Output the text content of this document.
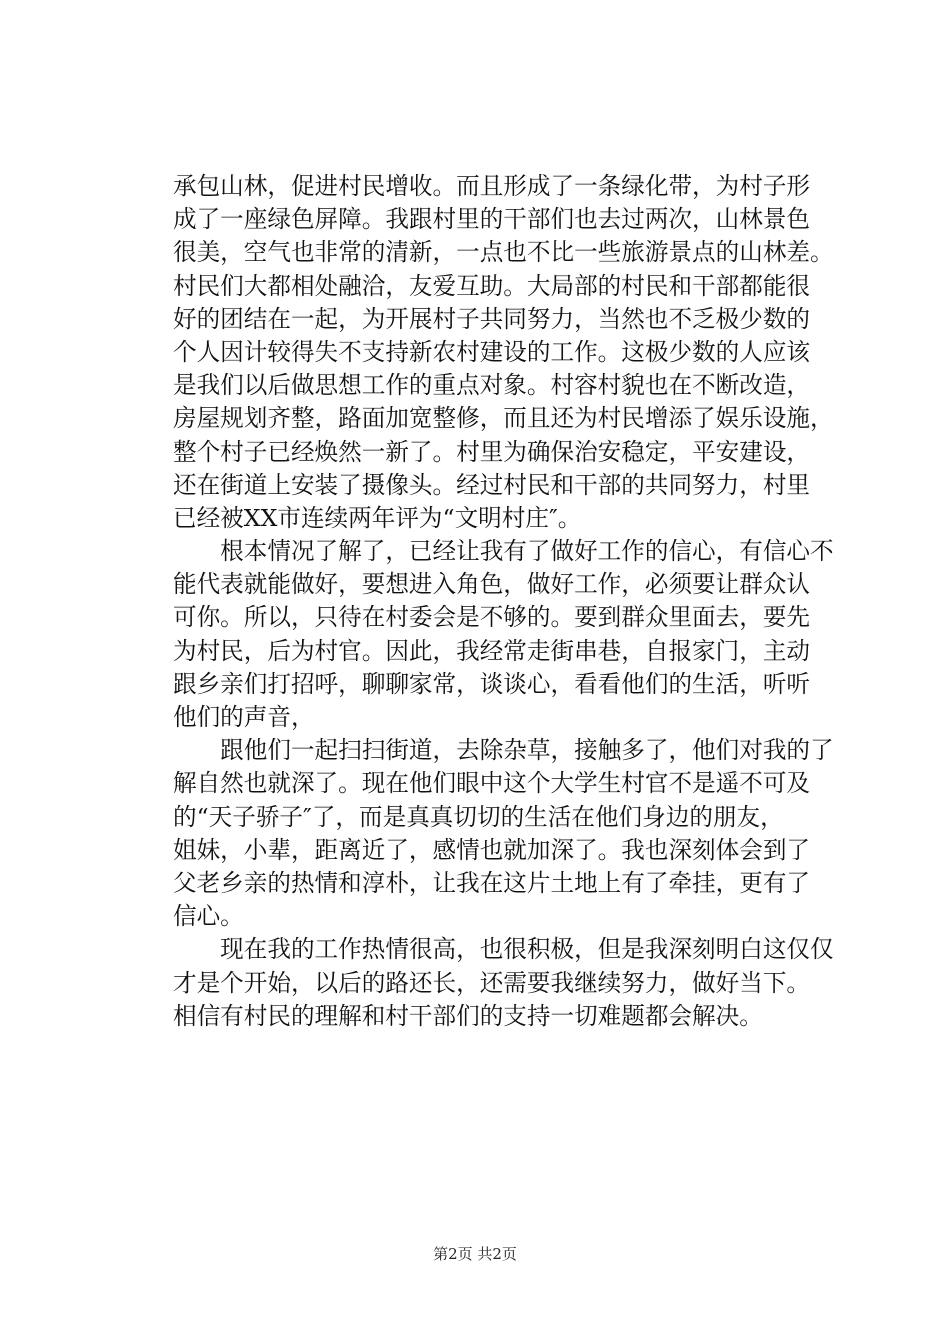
承包山林，促进村民增收。而且形成了一条绿化带，为村子形
成了一座绿色屏障。我跟村里的干部们也去过两次，山林景色
很美，空气也非常的清新，一点也不比一些旅游景点的山林差。
村民们大都相处融洽，友爱互助。大局部的村民和干部都能很
好的团结在一起，为开展村子共同努力，当然也不乏极少数的
个人因计较得失不支持新农村建设的工作。这极少数的人应该
是我们以后做思想工作的重点对象。村容村貌也在不断改造，
房屋规划齐整，路面加宽整修，而且还为村民增添了娱乐设施，
整个村子已经焕然一新了。村里为确保治安稳定，平安建设，
还在街道上安装了摄像头。经过村民和干部的共同努力，村里
已经被XX市连续两年评为“文明村庄″。
　　根本情况了解了，已经让我有了做好工作的信心，有信心不
能代表就能做好，要想进入角色，做好工作，必须要让群众认
可你。所以，只待在村委会是不够的。要到群众里面去，要先
为村民，后为村官。因此，我经常走街串巷，自报家门，主动
跟乡亲们打招呼，聊聊家常，谈谈心，看看他们的生活，听听
他们的声音，
　　跟他们一起扫扫街道，去除杂草，接触多了，他们对我的了
解自然也就深了。现在他们眼中这个大学生村官不是遥不可及
的“天子骄子″了，而是真真切切的生活在他们身边的朋友，
姐妹，小辈，距离近了，感情也就加深了。我也深刻体会到了
父老乡亲的热情和淳朴，让我在这片土地上有了牵挂，更有了
信心。
　　现在我的工作热情很高，也很积极，但是我深刻明白这仅仅
才是个开始，以后的路还长，还需要我继续努力，做好当下。
相信有村民的理解和村干部们的支持一切难题都会解决。
第2页 共2页
